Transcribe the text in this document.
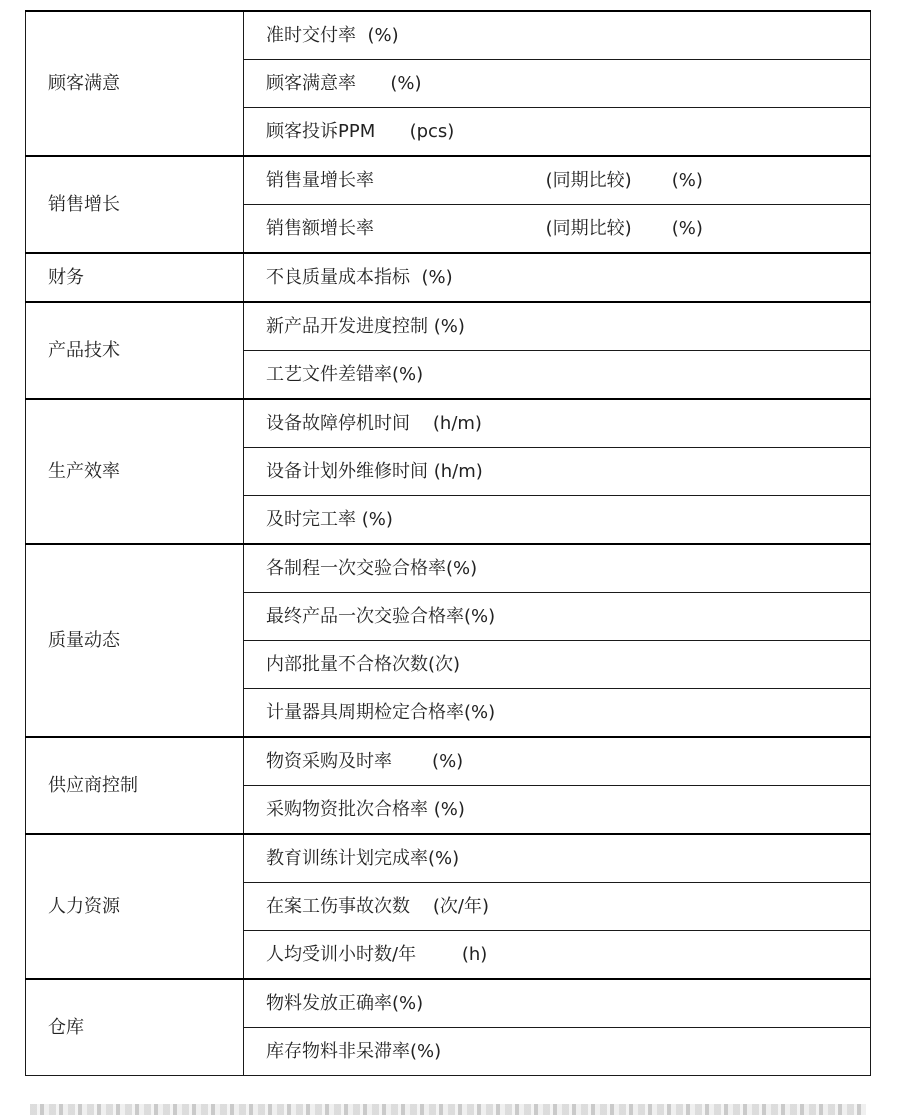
顾客满意	准时交付率  (%)
	顾客满意率      (%)
	顾客投诉PPM      (pcs)
销售增长	销售量增长率                              (同期比较)       (%)
	销售额增长率                              (同期比较)       (%)
财务	不良质量成本指标  (%)
产品技术	新产品开发进度控制 (%)
	工艺文件差错率(%)
生产效率	设备故障停机时间    (h/m)
	设备计划外维修时间 (h/m)
	及时完工率 (%)
质量动态	各制程一次交验合格率(%)
	最终产品一次交验合格率(%)
	内部批量不合格次数(次)
	计量器具周期检定合格率(%)
供应商控制	物资采购及时率       (%)
	采购物资批次合格率 (%)
人力资源	教育训练计划完成率(%)
	在案工伤事故次数    (次/年)
	人均受训小时数/年        (h)
仓库	物料发放正确率(%)
	库存物料非呆滞率(%)
